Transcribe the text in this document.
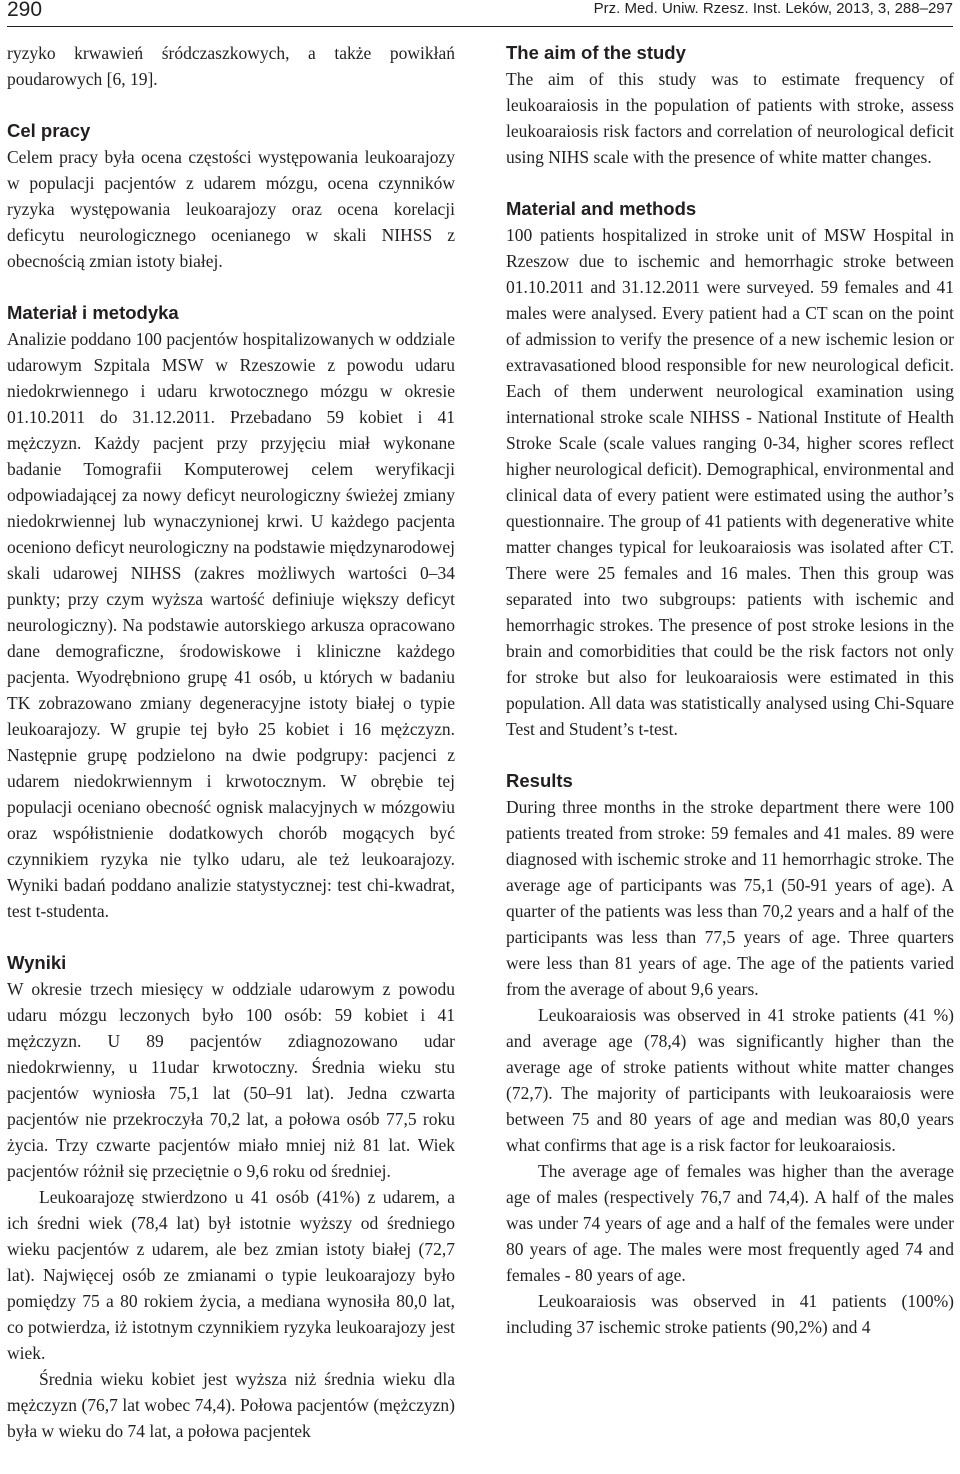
290	Prz. Med. Uniw. Rzesz. Inst. Leków, 2013, 3, 288–297

ryzyko krwawień śródczaszkowych, a także powikłań poudarowych [6, 19].

Cel pracy

Celem pracy była ocena częstości występowania leukoarajozy w populacji pacjentów z udarem mózgu, ocena czynników ryzyka występowania leukoarajozy oraz ocena korelacji deficytu neurologicznego ocenianego w skali NIHSS z obecnością zmian istoty białej.

Materiał i metodyka

Analizie poddano 100 pacjentów hospitalizowanych w oddziale udarowym Szpitala MSW w Rzeszowie z powodu udaru niedokrwiennego i udaru krwotocznego mózgu w okresie 01.10.2011 do 31.12.2011. Przebadano 59 kobiet i 41 mężczyzn. Każdy pacjent przy przyjęciu miał wykonane badanie Tomografii Komputerowej celem weryfikacji odpowiadającej za nowy deficyt neurologiczny świeżej zmiany niedokrwiennej lub wynaczynionej krwi. U każdego pacjenta oceniono deficyt neurologiczny na podstawie międzynarodowej skali udarowej NIHSS (zakres możliwych wartości 0–34 punkty; przy czym wyższa wartość definiuje większy deficyt neurologiczny). Na podstawie autorskiego arkusza opracowano dane demograficzne, środowiskowe i kliniczne każdego pacjenta. Wyodrębniono grupę 41 osób, u których w badaniu TK zobrazowano zmiany degeneracyjne istoty białej o typie leukoarajozy. W grupie tej było 25 kobiet i 16 mężczyzn. Następnie grupę podzielono na dwie podgrupy: pacjenci z udarem niedokrwiennym i krwotocznym. W obrębie tej populacji oceniano obecność ognisk malacyjnych w mózgowiu oraz współistnienie dodatkowych chorób mogących być czynnikiem ryzyka nie tylko udaru, ale też leukoarajozy. Wyniki badań poddano analizie statystycznej: test chi-kwadrat, test t-studenta.

Wyniki

W okresie trzech miesięcy w oddziale udarowym z powodu udaru mózgu leczonych było 100 osób: 59 kobiet i 41 mężczyzn. U 89 pacjentów zdiagnozowano udar niedokrwienny, u 11udar krwotoczny. Średnia wieku stu pacjentów wyniosła 75,1 lat (50–91 lat). Jedna czwarta pacjentów nie przekroczyła 70,2 lat, a połowa osób 77,5 roku życia. Trzy czwarte pacjentów miało mniej niż 81 lat. Wiek pacjentów różnił się przeciętnie o 9,6 roku od średniej.

Leukoarajozę stwierdzono u 41 osób (41%) z udarem, a ich średni wiek (78,4 lat) był istotnie wyższy od średniego wieku pacjentów z udarem, ale bez zmian istoty białej (72,7 lat). Najwięcej osób ze zmianami o typie leukoarajozy było pomiędzy 75 a 80 rokiem życia, a mediana wynosiła 80,0 lat, co potwierdza, iż istotnym czynnikiem ryzyka leukoarajozy jest wiek.

Średnia wieku kobiet jest wyższa niż średnia wieku dla mężczyzn (76,7 lat wobec 74,4). Połowa pacjentów (mężczyzn) była w wieku do 74 lat, a połowa pacjentek

The aim of the study

The aim of this study was to estimate frequency of leukoaraiosis in the population of patients with stroke, assess leukoaraiosis risk factors and correlation of neurological deficit using NIHS scale with the presence of white matter changes.

Material and methods

100 patients hospitalized in stroke unit of MSW Hospital in Rzeszow due to ischemic and hemorrhagic stroke between 01.10.2011 and 31.12.2011 were surveyed. 59 females and 41 males were analysed. Every patient had a CT scan on the point of admission to verify the presence of a new ischemic lesion or extravasationed blood responsible for new neurological deficit. Each of them underwent neurological examination using international stroke scale NIHSS - National Institute of Health Stroke Scale (scale values ranging 0-34, higher scores reflect higher neurological deficit). Demographical, environmental and clinical data of every patient were estimated using the author’s questionnaire. The group of 41 patients with degenerative white matter changes typical for leukoaraiosis was isolated after CT. There were 25 females and 16 males. Then this group was separated into two subgroups: patients with ischemic and hemorrhagic strokes. The presence of post stroke lesions in the brain and comorbidities that could be the risk factors not only for stroke but also for leukoaraiosis were estimated in this population. All data was statistically analysed using Chi-Square Test and Student’s t-test.

Results

During three months in the stroke department there were 100 patients treated from stroke: 59 females and 41 males. 89 were diagnosed with ischemic stroke and 11 hemorrhagic stroke. The average age of participants was 75,1 (50-91 years of age). A quarter of the patients was less than 70,2 years and a half of the participants was less than 77,5 years of age. Three quarters were less than 81 years of age. The age of the patients varied from the average of about 9,6 years.

Leukoaraiosis was observed in 41 stroke patients (41 %) and average age (78,4) was significantly higher than the average age of stroke patients without white matter changes (72,7). The majority of participants with leukoaraiosis were between 75 and 80 years of age and median was 80,0 years what confirms that age is a risk factor for leukoaraiosis.

The average age of females was higher than the average age of males (respectively 76,7 and 74,4). A half of the males was under 74 years of age and a half of the females were under 80 years of age. The males were most frequently aged 74 and females - 80 years of age.

Leukoaraiosis was observed in 41 patients (100%) including 37 ischemic stroke patients (90,2%) and 4
